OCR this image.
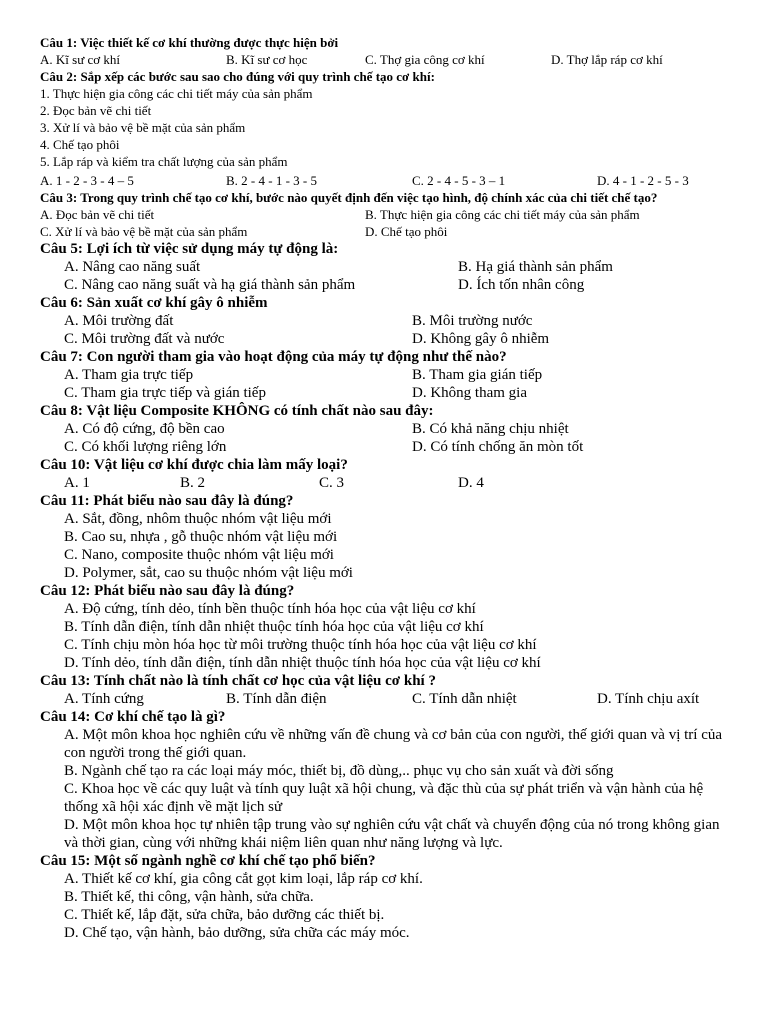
Câu 1: Việc thiết kế cơ khí thường được thực hiện bởi
A. Kĩ sư cơ khí	B. Kĩ sư cơ học	C. Thợ gia công cơ khí	D. Thợ lắp ráp cơ khí
Câu 2: Sắp xếp các bước sau sao cho đúng với quy trình chế tạo cơ khí:
1. Thực hiện gia công các chi tiết máy của sản phẩm
2. Đọc bản vẽ chi tiết
3. Xử lí và bảo vệ bề mặt của sản phẩm
4. Chế tạo phôi
5. Lắp ráp và kiểm tra chất lượng của sản phẩm
A. 1 - 2 - 3 - 4 – 5	B. 2 - 4 - 1 - 3 - 5	C. 2 - 4 - 5 - 3 – 1	D. 4 - 1 - 2 - 5 - 3
Câu 3: Trong quy trình chế tạo cơ khí, bước nào quyết định đến việc tạo hình, độ chính xác của chi tiết chế tạo?
A. Đọc bản vẽ chi tiết	B. Thực hiện gia công các chi tiết máy của sản phẩm
C. Xử lí và bảo vệ bề mặt của sản phẩm	D. Chế tạo phôi
Câu 5: Lợi ích từ việc sử dụng máy tự động là:
A. Nâng cao năng suất	B. Hạ giá thành sản phẩm
C. Nâng cao năng suất và hạ giá thành sản phẩm	D. Ích tốn nhân công
Câu 6: Sản xuất cơ khí gây ô nhiễm
A. Môi trường đất	B. Môi trường nước
C. Môi trường đất và nước	D. Không gây ô nhiễm
Câu 7: Con người tham gia vào hoạt động của máy tự động như thế nào?
A. Tham gia trực tiếp	B. Tham gia gián tiếp
C. Tham gia trực tiếp và gián tiếp	D. Không tham gia
Câu 8: Vật liệu Composite KHÔNG có tính chất nào sau đây:
A. Có độ cứng, độ bền cao	B. Có khả năng chịu nhiệt
C. Có khối lượng riêng lớn	D. Có tính chống ăn mòn tốt
Câu 10: Vật liệu cơ khí được chia làm mấy loại?
A. 1	B. 2	C. 3	D. 4
Câu 11: Phát biểu nào sau đây là đúng?
A. Sắt, đồng, nhôm thuộc nhóm vật liệu mới
B. Cao su, nhựa , gỗ thuộc nhóm vật liệu mới
C. Nano, composite thuộc nhóm vật liệu mới
D. Polymer, sắt, cao su thuộc nhóm vật liệu mới
Câu 12: Phát biểu nào sau đây là đúng?
A. Độ cứng, tính dẻo, tính bền thuộc tính hóa học của vật liệu cơ khí
B. Tính dẫn điện, tính dẫn nhiệt thuộc tính hóa học của vật liệu cơ khí
C. Tính chịu mòn hóa học từ môi trường thuộc tính hóa học của vật liệu cơ khí
D. Tính dẻo, tính dẫn điện, tính dẫn nhiệt thuộc tính hóa học của vật liệu cơ khí
Câu 13: Tính chất nào là tính chất cơ học của vật liệu cơ khí ?
A. Tính cứng	B. Tính dẫn điện	C. Tính dẫn nhiệt	D. Tính chịu axít
Câu 14: Cơ khí chế tạo là gì?
A. Một môn khoa học nghiên cứu về những vấn đề chung và cơ bản của con người, thế giới quan và vị trí của con người trong thế giới quan.
B. Ngành chế tạo ra các loại máy móc, thiết bị, đồ dùng,.. phục vụ cho sản xuất và đời sống
C. Khoa học về các quy luật và tính quy luật xã hội chung, và đặc thù của sự phát triển và vận hành của hệ thống xã hội xác định về mặt lịch sử
D. Một môn khoa học tự nhiên tập trung vào sự nghiên cứu vật chất và chuyển động của nó trong không gian và thời gian, cùng với những khái niệm liên quan như năng lượng và lực.
Câu 15: Một số ngành nghề cơ khí chế tạo phổ biến?
A. Thiết kế cơ khí, gia công cắt gọt kim loại, lắp ráp cơ khí.
B. Thiết kế, thi công, vận hành, sửa chữa.
C. Thiết kế, lắp đặt, sửa chữa, bảo dưỡng các thiết bị.
D. Chế tạo, vận hành, bảo dưỡng, sửa chữa các máy móc.
